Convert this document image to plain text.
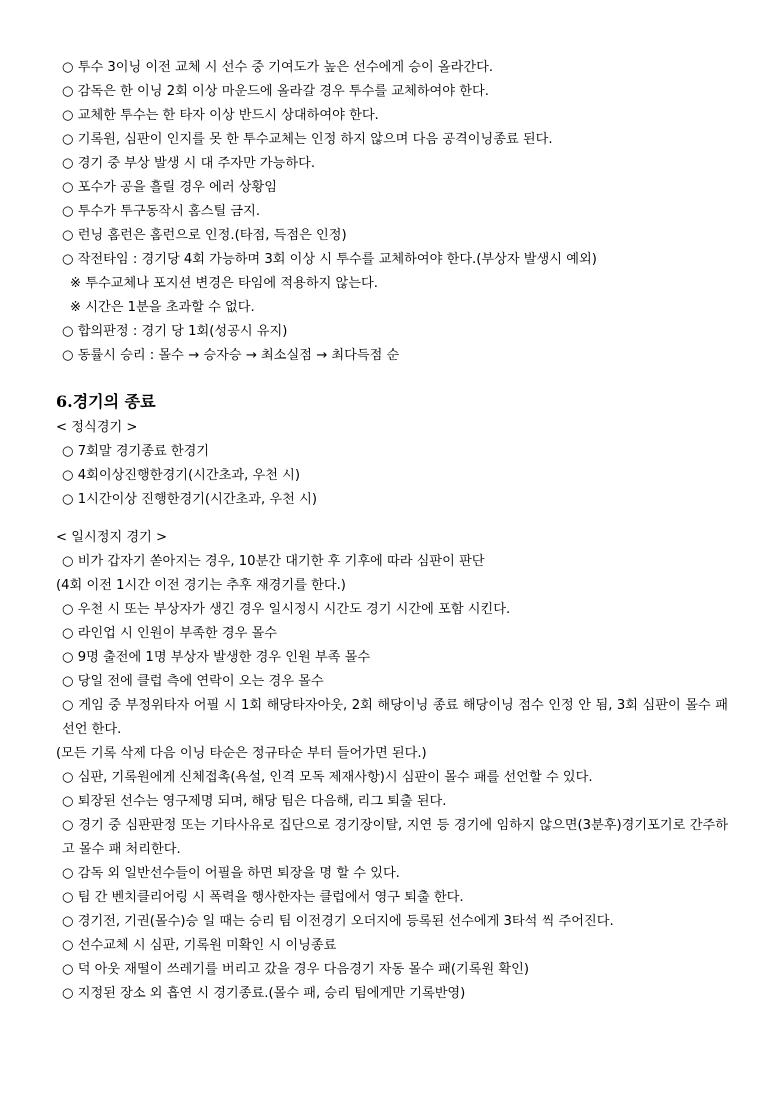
○ 투수 3이닝 이전 교체 시 선수 중 기여도가 높은 선수에게 승이 올라간다.
○ 감독은 한 이닝 2회 이상 마운드에 올라갈 경우 투수를 교체하여야 한다.
○ 교체한 투수는 한 타자 이상 반드시 상대하여야 한다.
○ 기록원, 심판이 인지를 못 한 투수교체는 인정 하지 않으며 다음 공격이닝종료 된다.
○ 경기 중 부상 발생 시 대 주자만 가능하다.
○ 포수가 공을 흘릴 경우 에러 상황임
○ 투수가 투구동작시 홈스틸 금지.
○ 런닝 홈런은 홈런으로 인정.(타점, 득점은 인정)
○ 작전타임 : 경기당 4회 가능하며 3회 이상 시 투수를 교체하여야 한다.(부상자 발생시 예외)
※ 투수교체나 포지션 변경은 타임에 적용하지 않는다.
※ 시간은 1분을 초과할 수 없다.
○ 합의판정 : 경기 당 1회(성공시 유지)
○ 동률시 승리 : 몰수 → 승자승 → 최소실점 → 최다득점 순
6.경기의 종료
< 정식경기 >
○ 7회말 경기종료 한경기
○ 4회이상진행한경기(시간초과, 우천 시)
○ 1시간이상 진행한경기(시간초과, 우천 시)
< 일시정지 경기 >
○ 비가 갑자기 쏟아지는 경우, 10분간 대기한 후 기후에 따라 심판이 판단
(4회 이전 1시간 이전 경기는 추후 재경기를 한다.)
○ 우천 시 또는 부상자가 생긴 경우 일시정시 시간도 경기 시간에 포함 시킨다.
○ 라인업 시 인원이 부족한 경우 몰수
○ 9명 출전에 1명 부상자 발생한 경우 인원 부족 몰수
○ 당일 전에 클럽 측에 연락이 오는 경우 몰수
○ 게임 중 부정위타자 어필 시 1회 해당타자아웃, 2회 해당이닝 종료 해당이닝 점수 인정 안 됨, 3회 심판이 몰수 패 선언 한다.
(모든 기록 삭제 다음 이닝 타순은 정규타순 부터 들어가면 된다.)
○ 심판, 기록원에게 신체접촉(욕설, 인격 모독 제재사항)시 심판이 몰수 패를 선언할 수 있다.
○ 퇴장된 선수는 영구제명 되며, 해당 팀은 다음해, 리그 퇴출 된다.
○ 경기 중 심판판정 또는 기타사유로 집단으로 경기장이탈, 지연 등 경기에 임하지 않으면(3분후)경기포기로 간주하고 몰수 패 처리한다.
○ 감독 외 일반선수들이 어필을 하면 퇴장을 명 할 수 있다.
○ 팀 간 벤치클리어링 시 폭력을 행사한자는 클럽에서 영구 퇴출 한다.
○ 경기전, 기권(몰수)승 일 때는 승리 팀 이전경기 오더지에 등록된 선수에게 3타석 씩 주어진다.
○ 선수교체 시 심판, 기록원 미확인 시 이닝종료
○ 덕 아웃 재떨이 쓰레기를 버리고 갔을 경우 다음경기 자동 몰수 패(기록원 확인)
○ 지정된 장소 외 흡연 시 경기종료.(몰수 패, 승리 팀에게만 기록반영)
